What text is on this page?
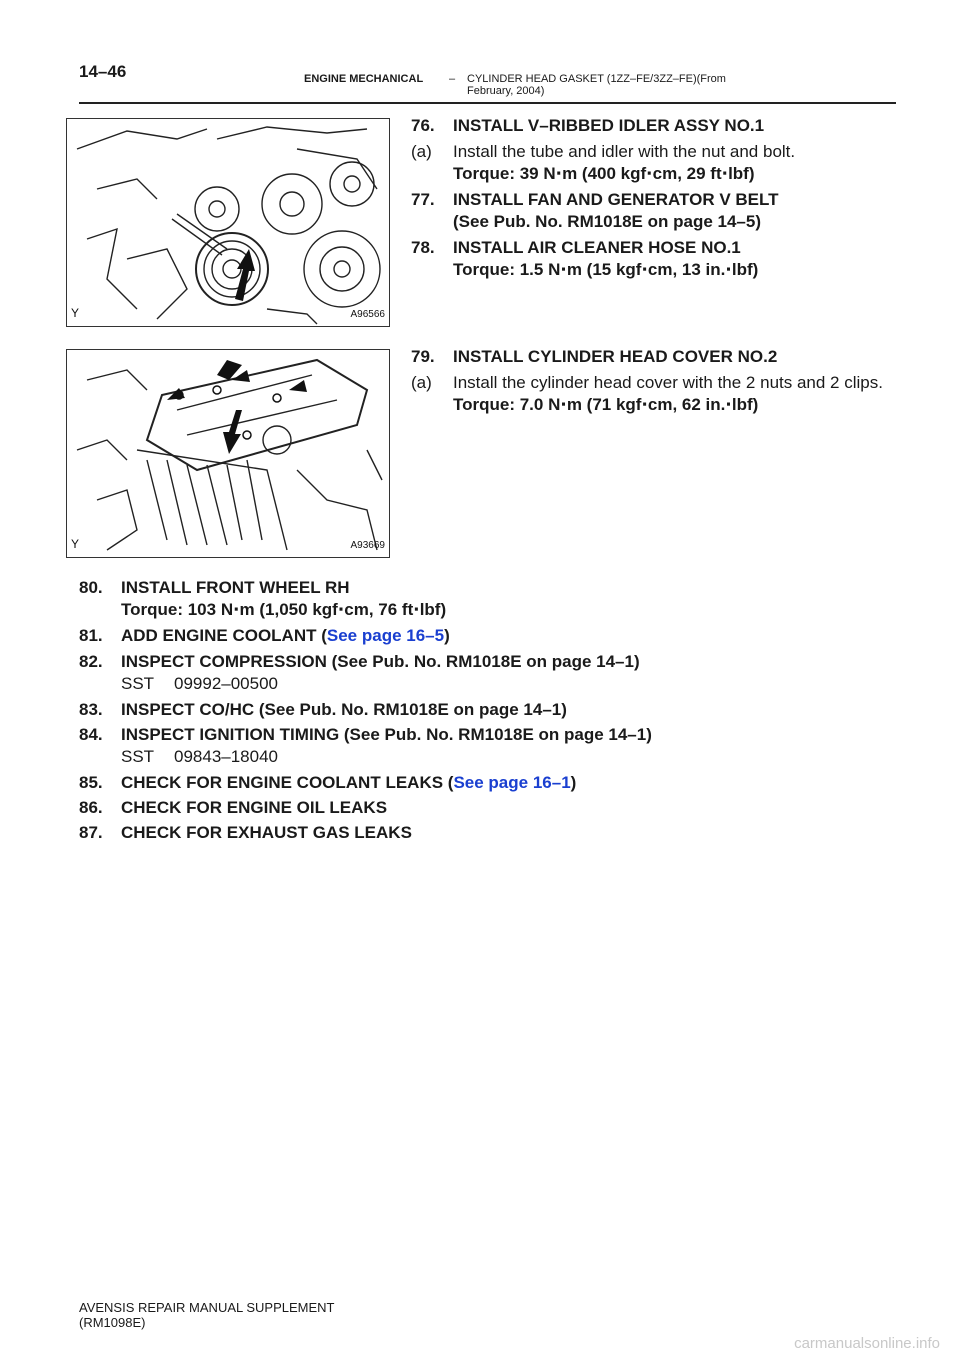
14–46	ENGINE MECHANICAL – CYLINDER HEAD GASKET (1ZZ–FE/3ZZ–FE)(From
February, 2004)
Y	A96566
Y	A93669
76. INSTALL V–RIBBED IDLER ASSY NO.1
(a) Install the tube and idler with the nut and bolt.
Torque: 39 N⋅m (400 kgf⋅cm, 29 ft⋅lbf)
77. INSTALL FAN AND GENERATOR V BELT
(See Pub. No. RM1018E on page 14–5)
78. INSTALL AIR CLEANER HOSE NO.1
Torque: 1.5 N⋅m (15 kgf⋅cm, 13 in.⋅lbf)
79. INSTALL CYLINDER HEAD COVER NO.2
(a) Install the cylinder head cover with the 2 nuts and 2 clips.
Torque: 7.0 N⋅m (71 kgf⋅cm, 62 in.⋅lbf)
80. INSTALL FRONT WHEEL RH
Torque: 103 N⋅m (1,050 kgf⋅cm, 76 ft⋅lbf)
81. ADD ENGINE COOLANT (See page 16–5)
82. INSPECT COMPRESSION (See Pub. No. RM1018E on page 14–1)
SST 09992–00500
83. INSPECT CO/HC (See Pub. No. RM1018E on page 14–1)
84. INSPECT IGNITION TIMING (See Pub. No. RM1018E on page 14–1)
SST 09843–18040
85. CHECK FOR ENGINE COOLANT LEAKS (See page 16–1)
86. CHECK FOR ENGINE OIL LEAKS
87. CHECK FOR EXHAUST GAS LEAKS
AVENSIS REPAIR MANUAL SUPPLEMENT
(RM1098E)
carmanualsonline.info
